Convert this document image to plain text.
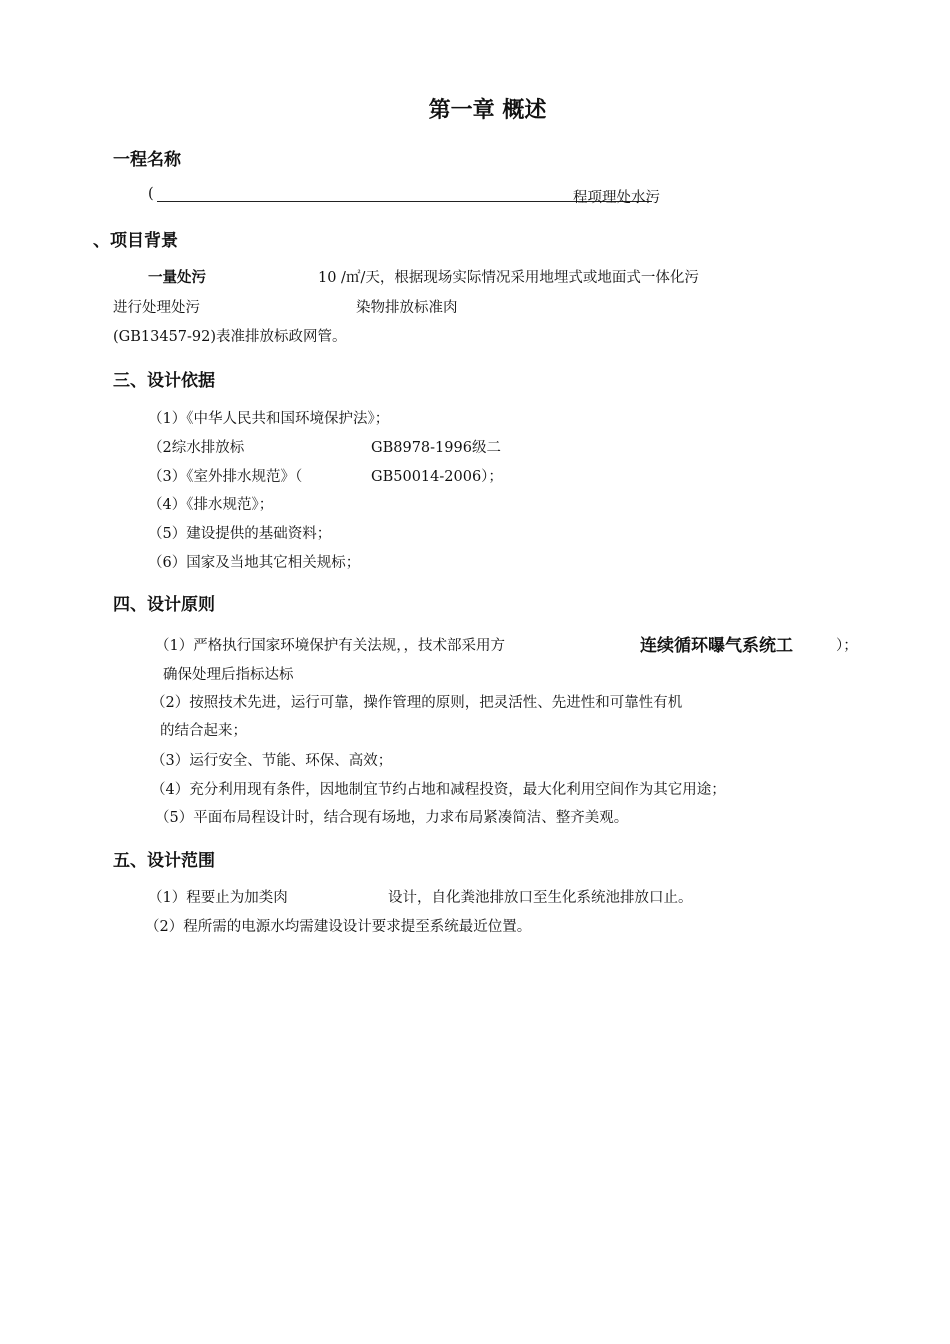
第一章 概述
一程名称
(	程项理处水污
、项目背景
一量处污	10 /㎡/天，根据现场实际情况采用地埋式或地面式一体化污
进行处理处污	染物排放标准肉
(GB13457-92)表准排放标政网管。
三、设计依据
（1）《中华人民共和国环境保护法》；
（2综水排放标	GB8978-1996级二
（3）《室外排水规范》（	GB50014-2006）；
（4）《排水规范》；
（5）建设提供的基础资料；
（6）国家及当地其它相关规标；
四、设计原则
（1）严格执行国家环境保护有关法规，，技术部采用方	连续循环曝气系统工	）；
确保处理后指标达标
（2）按照技术先进，运行可靠，操作管理的原则，把灵活性、先进性和可靠性有机
的结合起来；
（3）运行安全、节能、环保、高效；
（4）充分利用现有条件，因地制宜节约占地和减程投资，最大化利用空间作为其它用途；
（5）平面布局程设计时，结合现有场地，力求布局紧凑简洁、整齐美观。
五、设计范围
（1）程要止为加类肉	设计，自化粪池排放口至生化系统池排放口止。
（2）程所需的电源水均需建设设计要求提至系统最近位置。
